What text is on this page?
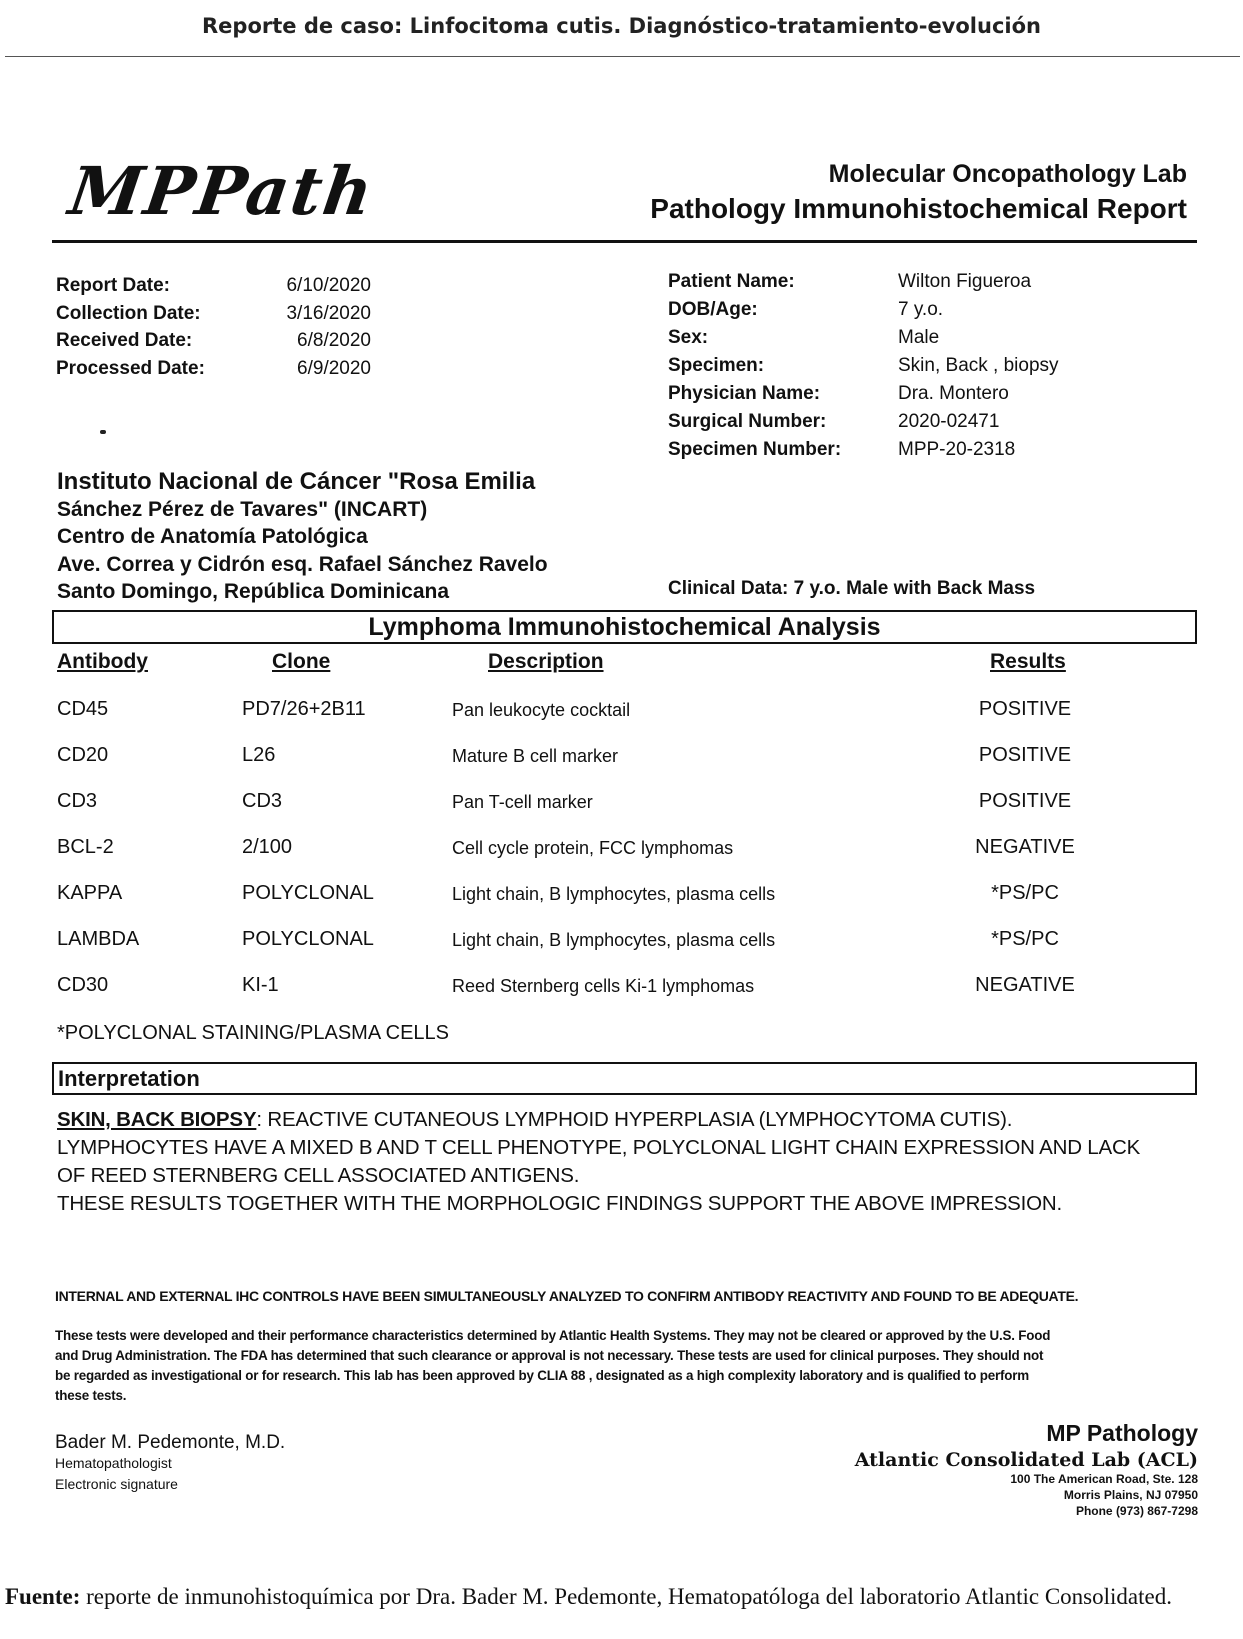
Reporte de caso: Linfocitoma cutis. Diagnóstico-tratamiento-evolución
MPPath	Molecular Oncopathology Lab
Pathology Immunohistochemical Report
Report Date:	6/10/2020
Collection Date:	3/16/2020
Received Date:	6/8/2020
Processed Date:	6/9/2020
Patient Name:	Wilton Figueroa
DOB/Age:	7 y.o.
Sex:	Male
Specimen:	Skin, Back , biopsy
Physician Name:	Dra. Montero
Surgical Number:	2020-02471
Specimen Number:	MPP-20-2318
Instituto Nacional de Cáncer "Rosa Emilia
Sánchez Pérez de Tavares" (INCART)
Centro de Anatomía Patológica
Ave. Correa y Cidrón esq. Rafael Sánchez Ravelo
Santo Domingo, República Dominicana	Clinical Data: 7 y.o. Male with Back Mass
Lymphoma Immunohistochemical Analysis
Antibody	Clone	Description	Results
CD45	PD7/26+2B11	Pan leukocyte cocktail	POSITIVE
CD20	L26	Mature B cell marker	POSITIVE
CD3	CD3	Pan T-cell marker	POSITIVE
BCL-2	2/100	Cell cycle protein, FCC lymphomas	NEGATIVE
KAPPA	POLYCLONAL	Light chain, B lymphocytes, plasma cells	*PS/PC
LAMBDA	POLYCLONAL	Light chain, B lymphocytes, plasma cells	*PS/PC
CD30	KI-1	Reed Sternberg cells Ki-1 lymphomas	NEGATIVE
*POLYCLONAL STAINING/PLASMA CELLS
Interpretation
SKIN, BACK BIOPSY: REACTIVE CUTANEOUS LYMPHOID HYPERPLASIA (LYMPHOCYTOMA CUTIS).
LYMPHOCYTES HAVE A MIXED B AND T CELL PHENOTYPE, POLYCLONAL LIGHT CHAIN EXPRESSION AND LACK
OF REED STERNBERG CELL ASSOCIATED ANTIGENS.
THESE RESULTS TOGETHER WITH THE MORPHOLOGIC FINDINGS SUPPORT THE ABOVE IMPRESSION.
INTERNAL AND EXTERNAL IHC CONTROLS HAVE BEEN SIMULTANEOUSLY ANALYZED TO CONFIRM ANTIBODY REACTIVITY AND FOUND TO BE ADEQUATE.
These tests were developed and their performance characteristics determined by Atlantic Health Systems. They may not be cleared or approved by the U.S. Food
and Drug Administration. The FDA has determined that such clearance or approval is not necessary. These tests are used for clinical purposes. They should not
be regarded as investigational or for research. This lab has been approved by CLIA 88 , designated as a high complexity laboratory and is qualified to perform
these tests.
Bader M. Pedemonte, M.D.
Hematopathologist
Electronic signature
MP Pathology
Atlantic Consolidated Lab (ACL)
100 The American Road, Ste. 128
Morris Plains, NJ 07950
Phone (973) 867-7298
Fuente: reporte de inmunohistoquímica por Dra. Bader M. Pedemonte, Hematopatóloga del laboratorio Atlantic Consolidated.
